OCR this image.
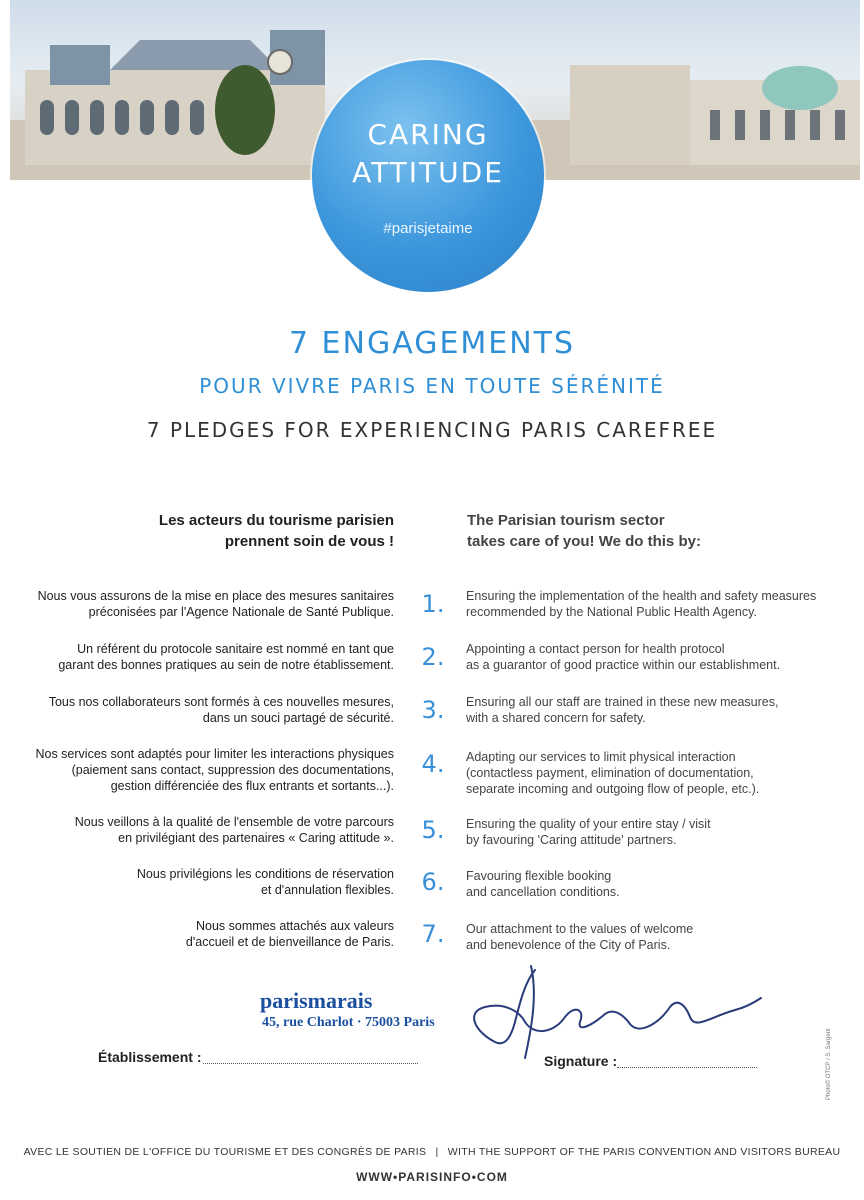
CARING
ATTITUDE
#parisjetaime
7 ENGAGEMENTS
POUR VIVRE PARIS EN TOUTE SÉRÉNITÉ
7 PLEDGES FOR EXPERIENCING PARIS CAREFREE
Les acteurs du tourisme parisien
prennent soin de vous !
The Parisian tourism sector
takes care of you! We do this by:
Nous vous assurons de la mise en place des mesures sanitaires
préconisées par l'Agence Nationale de Santé Publique. 1. Ensuring the implementation of the health and safety measures
recommended by the National Public Health Agency.
Un référent du protocole sanitaire est nommé en tant que
garant des bonnes pratiques au sein de notre établissement. 2. Appointing a contact person for health protocol
as a guarantor of good practice within our establishment.
Tous nos collaborateurs sont formés à ces nouvelles mesures,
dans un souci partagé de sécurité. 3. Ensuring all our staff are trained in these new measures,
with a shared concern for safety.
Nos services sont adaptés pour limiter les interactions physiques
(paiement sans contact, suppression des documentations,
gestion différenciée des flux entrants et sortants...).
4. Adapting our services to limit physical interaction
(contactless payment, elimination of documentation,
separate incoming and outgoing flow of people, etc.).
Nous veillons à la qualité de l'ensemble de votre parcours
en privilégiant des partenaires « Caring attitude ». 5. Ensuring the quality of your entire stay / visit
by favouring 'Caring attitude' partners.
Nous privilégions les conditions de réservation
et d'annulation flexibles. 6. Favouring flexible booking
and cancellation conditions.
Nous sommes attachés aux valeurs
d'accueil et de bienveillance de Paris. 7. Our attachment to the values of welcome
and benevolence of the City of Paris.
parismarais
45, rue Charlot · 75003 Paris
Établissement :	Signature :
AVEC LE SOUTIEN DE L'OFFICE DU TOURISME ET DES CONGRÈS DE PARIS | WITH THE SUPPORT OF THE PARIS CONVENTION AND VISITORS BUREAU
WWW•PARISINFO•COM
Photo© OTCP / S. Sargent
